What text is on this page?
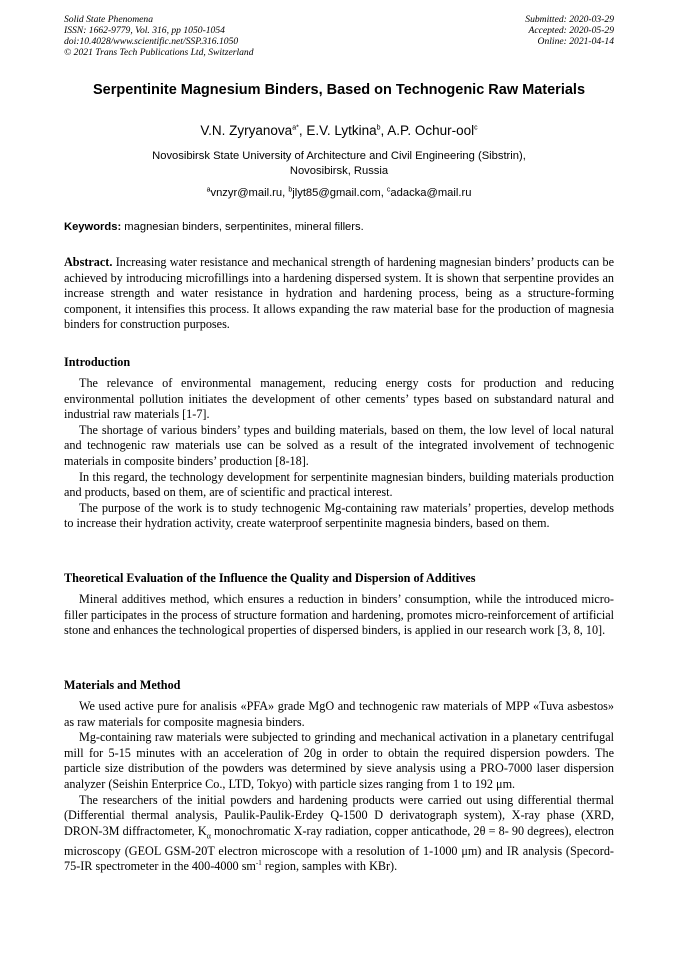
Solid State Phenomena
ISSN: 1662-9779, Vol. 316, pp 1050-1054
doi:10.4028/www.scientific.net/SSP.316.1050
© 2021 Trans Tech Publications Ltd, Switzerland
Submitted: 2020-03-29
Accepted: 2020-05-29
Online: 2021-04-14
Serpentinite Magnesium Binders, Based on Technogenic Raw Materials
V.N. Zyryanova$^{a*}$, E.V. Lytkina$^b$, A.P. Ochur-ool$^c$
Novosibirsk State University of Architecture and Civil Engineering (Sibstrin),
Novosibirsk, Russia
$^a$vnzyr@mail.ru, $^b$jlyt85@gmail.com, $^c$adacka@mail.ru
Keywords: magnesian binders, serpentinites, mineral fillers.

Abstract. Increasing water resistance and mechanical strength of hardening magnesian binders’ products can be achieved by introducing microfillings into a hardening dispersed system. It is shown that serpentine provides an increase strength and water resistance in hydration and hardening process, being as a structure-forming component, it intensifies this process. It allows expanding the raw material base for the production of magnesia binders for construction purposes.

Introduction

The relevance of environmental management, reducing energy costs for production and reducing environmental pollution initiates the development of other cements’ types based on substandard natural and industrial raw materials [1-7].

The shortage of various binders’ types and building materials, based on them, the low level of local natural and technogenic raw materials use can be solved as a result of the integrated involvement of technogenic materials in composite binders’ production [8-18].

In this regard, the technology development for serpentinite magnesian binders, building materials production and products, based on them, are of scientific and practical interest.

The purpose of the work is to study technogenic Mg-containing raw materials’ properties, develop methods to increase their hydration activity, create waterproof serpentinite magnesia binders, based on them.

Theoretical Evaluation of the Influence the Quality and Dispersion of Additives

Mineral additives method, which ensures a reduction in binders’ consumption, while the introduced micro-filler participates in the process of structure formation and hardening, promotes micro-reinforcement of artificial stone and enhances the technological properties of dispersed binders, is applied in our research work [3, 8, 10].

Materials and Method

We used active pure for analisis «PFA» grade MgO and technogenic raw materials of MPP «Tuva asbestos» as raw materials for composite magnesia binders.

Mg-containing raw materials were subjected to grinding and mechanical activation in a planetary centrifugal mill for 5-15 minutes with an acceleration of 20g in order to obtain the required dispersion powders. The particle size distribution of the powders was determined by sieve analysis using a PRO-7000 laser dispersion analyzer (Seishin Enterprice Co., LTD, Tokyo) with particle sizes ranging from 1 to 192 μm.

The researchers of the initial powders and hardening products were carried out using differential thermal (Differential thermal analysis, Paulik-Paulik-Erdey Q-1500 D derivatograph system), X-ray phase (XRD, DRON-3M diffractometer, $K_\alpha$ monochromatic X-ray radiation, copper anticathode, 2θ = 8- 90 degrees), electron microscopy (GEOL GSM-20T electron microscope with a resolution of 1-1000 μm) and IR analysis (Specord-75-IR spectrometer in the 400-4000 $sm^{-1}$ region, samples with KBr).
